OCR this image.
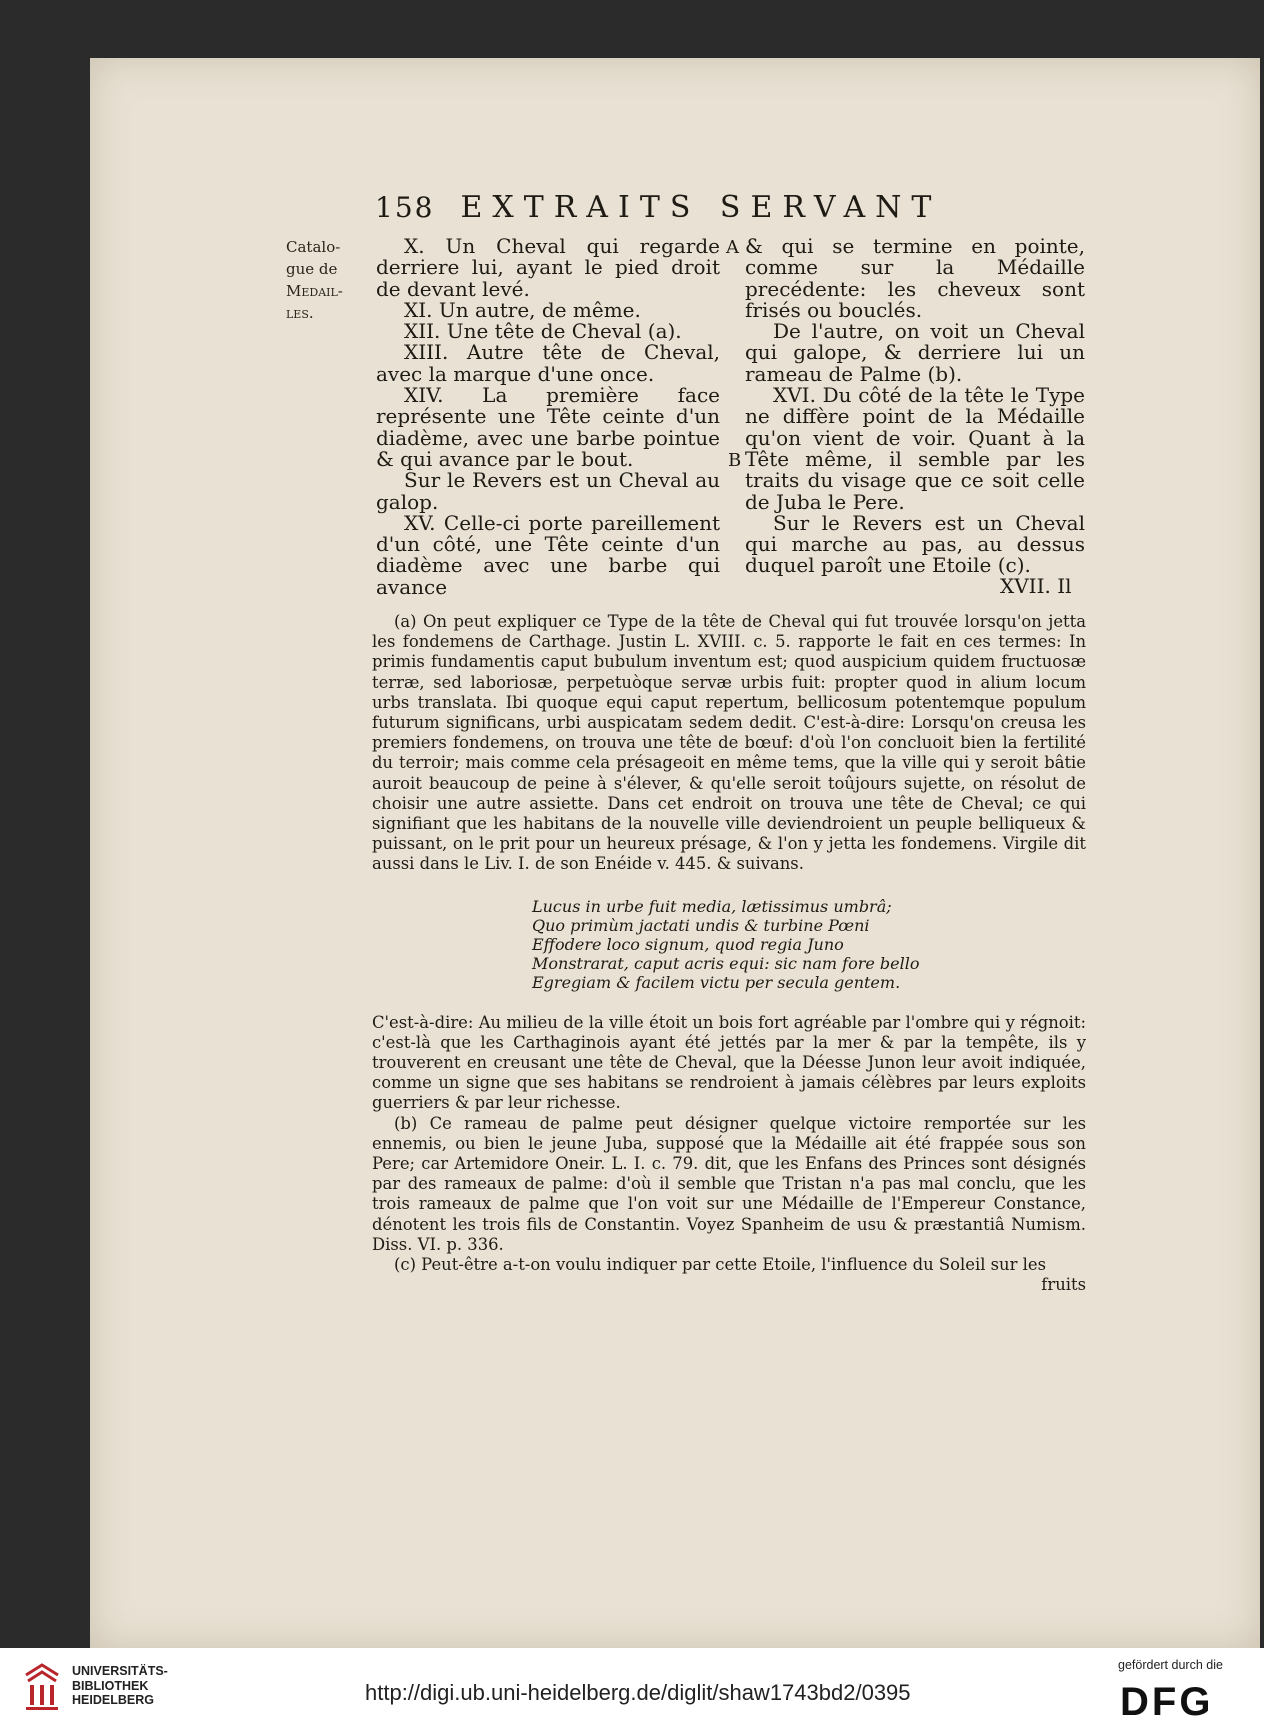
158 EXTRAITS SERVANT
Catalo-
gue de
Medail-
les.

X. Un Cheval qui regarde derriere lui, ayant le pied droit de devant levé.

XI. Un autre, de même.

XII. Une tête de Cheval (a).

XIII. Autre tête de Cheval, avec la marque d'une once.

XIV. La première face représente une Tête ceinte d'un diadème, avec une barbe pointue & qui avance par le bout.

Sur le Revers est un Cheval au galop.

XV. Celle-ci porte pareillement d'un côté, une Tête ceinte d'un diadème avec une barbe qui avance

A
B

& qui se termine en pointe, comme sur la Médaille precédente: les cheveux sont frisés ou bouclés.

De l'autre, on voit un Cheval qui galope, & derriere lui un rameau de Palme (b).

XVI. Du côté de la tête le Type ne diffère point de la Médaille qu'on vient de voir. Quant à la Tête même, il semble par les traits du visage que ce soit celle de Juba le Pere.

Sur le Revers est un Cheval qui marche au pas, au dessus duquel paroît une Etoile (c).

XVII. Il

(a) On peut expliquer ce Type de la tête de Cheval qui fut trouvée lorsqu'on jetta les fondemens de Carthage. Justin L. XVIII. c. 5. rapporte le fait en ces termes: In primis fundamentis caput bubulum inventum est; quod auspicium quidem fructuosæ terræ, sed laboriosæ, perpetuòque servæ urbis fuit: propter quod in alium locum urbs translata. Ibi quoque equi caput repertum, bellicosum potentemque populum futurum significans, urbi auspicatam sedem dedit. C'est-à-dire: Lorsqu'on creusa les premiers fondemens, on trouva une tête de bœuf: d'où l'on concluoit bien la fertilité du terroir; mais comme cela présageoit en même tems, que la ville qui y seroit bâtie auroit beaucoup de peine à s'élever, & qu'elle seroit toûjours sujette, on résolut de choisir une autre assiette. Dans cet endroit on trouva une tête de Cheval; ce qui signifiant que les habitans de la nouvelle ville deviendroient un peuple belliqueux & puissant, on le prit pour un heureux présage, & l'on y jetta les fondemens. Virgile dit aussi dans le Liv. I. de son Enéide v. 445. & suivans.

Lucus in urbe fuit media, lætissimus umbrâ;
Quo primùm jactati undis & turbine Pœni
Effodere loco signum, quod regia Juno
Monstrarat, caput acris equi: sic nam fore bello
Egregiam & facilem victu per secula gentem.

C'est-à-dire: Au milieu de la ville étoit un bois fort agréable par l'ombre qui y régnoit: c'est-là que les Carthaginois ayant été jettés par la mer & par la tempête, ils y trouverent en creusant une tête de Cheval, que la Déesse Junon leur avoit indiquée, comme un signe que ses habitans se rendroient à jamais célèbres par leurs exploits guerriers & par leur richesse.

(b) Ce rameau de palme peut désigner quelque victoire remportée sur les ennemis, ou bien le jeune Juba, supposé que la Médaille ait été frappée sous son Pere; car Artemidore Oneir. L. I. c. 79. dit, que les Enfans des Princes sont désignés par des rameaux de palme: d'où il semble que Tristan n'a pas mal conclu, que les trois rameaux de palme que l'on voit sur une Médaille de l'Empereur Constance, dénotent les trois fils de Constantin. Voyez Spanheim de usu & præstantiâ Numism. Diss. VI. p. 336.

(c) Peut-être a-t-on voulu indiquer par cette Etoile, l'influence du Soleil sur les

fruits

UNIVERSITÄTS-
BIBLIOTHEK
HEIDELBERG	http://digi.ub.uni-heidelberg.de/diglit/shaw1743bd2/0395
gefördert durch die
DFG
